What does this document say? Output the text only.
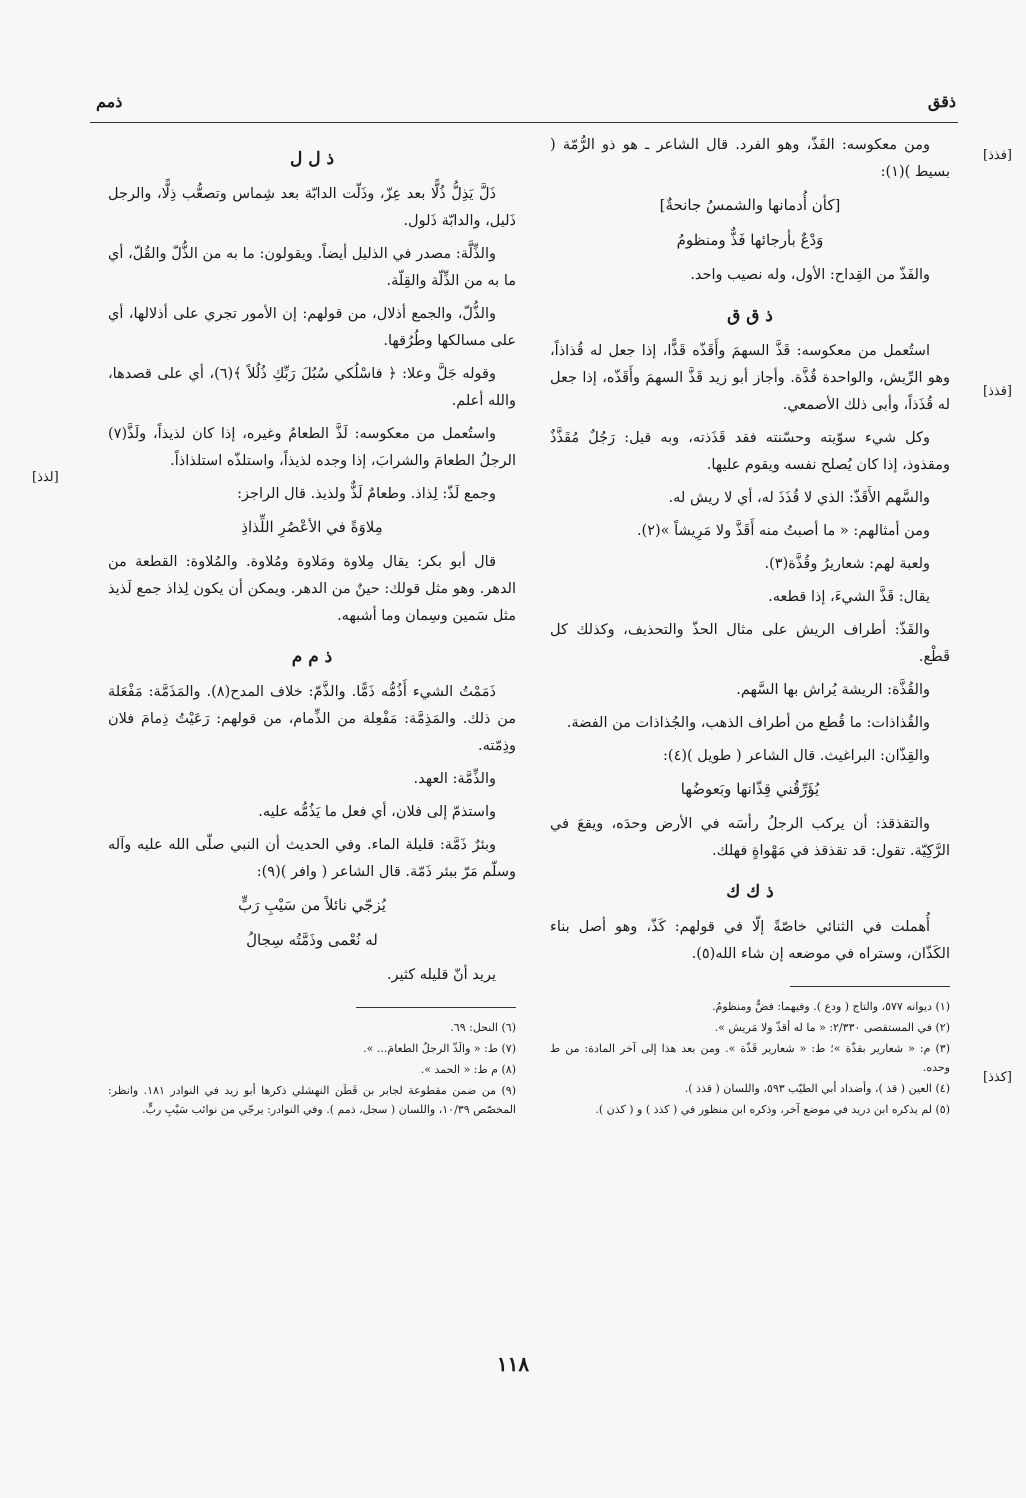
ذقق
ذمم
[فذذ]
[قذذ]
[كذذ]
[لذذ]

ومن معكوسه: الفَذّ، وهو الفرد. قال الشاعر ـ هو ذو الرُّمّة ( بسيط )(١):

[كأن أُدمانها والشمسُ جانحةٌ]

وَدْعٌ بأرجائها فَذٌّ ومنظومُ

والفَذّ من القِداح: الأول، وله نصيب واحد.

ذ ق ق

استُعمل من معكوسه: قَذَّ السهمَ وأَقَذّه قَذًّا، إذا جعل له قُذاذاً، وهو الرِّيش، والواحدة قُذَّة. وأجاز أبو زيد قَذَّ السهمَ وأَقَذّه، إذا جعل له قُذَذاً، وأبى ذلك الأصمعي.

وكل شيء سوّيته وحسّنته فقد قَذَذته، وبه قيل: رَجُلٌ مُقَذَّذٌ ومقذوذ، إذا كان يُصلح نفسه ويقوم عليها.

والسَّهم الأَقَذّ: الذي لا قُذَذَ له، أي لا ريش له.

ومن أمثالهم: « ما أصبتُ منه أَقَذَّ ولا مَرِيشاً »(٢).

ولعبة لهم: شعاريرُ وقُذَّة(٣).

يقال: قَذَّ الشيءَ، إذا قطعه.

والقَذّ: أطراف الريش على مثال الحذّ والتحذيف، وكذلك كل قَطْع.

والقُذَّة: الريشة يُراش بها السَّهم.

والقُذاذات: ما قُطع من أطراف الذهب، والجُذاذات من الفضة.

والقِذّان: البراغيث. قال الشاعر ( طويل )(٤):

يُؤَرِّقُني قِذّانها وبَعوضُها

والتقذقذ: أن يركب الرجلُ رأسَه في الأرض وحدَه، ويقعَ في الرَّكِيّة. تقول: قد تقذقذ في مَهْواةٍ فهلك.

ذ ك ك

أُهملت في الثنائي خاصّةً إلّا في قولهم: كَذّ، وهو أصل بناء الكَذّان، وستراه في موضعه إن شاء الله(٥).

(١) ديوانه ٥٧٧، والتاج ( ودع ). وفيهما: فضٌّ ومنظومُ.

(٢) في المستقصى ٢/٣٣٠: « ما له أقذّ ولا مَريش ».

(٣) م: « شعارير بقذّة »؛ ط: « شعارير قَذّة ». ومن بعد هذا إلى آخر المادة: من ط وحده.

(٤) العين ( قذ )، وأضداد أبي الطيّب ٥٩٣، واللسان ( قذذ ).

(٥) لم يذكره ابن دريد في موضع آخر، وذكره ابن منظور في ( كذذ ) و ( كذن ).

ذ ل ل

ذَلَّ يَذِلُّ ذُلًّا بعد عِزّ، وذَلّت الدابّة بعد شِماس وتصعُّب ذِلًّا، والرجل ذَليل، والدابّة ذَلول.

والذِّلَّة: مصدر في الذليل أيضاً. ويقولون: ما به من الذُّلّ والقُلّ، أي ما به من الذِّلّة والقِلّة.

والذُّلّ، والجمع أذلال، من قولهم: إن الأمور تجري على أذلالها، أي على مسالكها وطُرُقها.

وقوله جَلَّ وعلا: ﴿ فاسْلُكي سُبُلَ رَبِّكِ ذُلُلاً ﴾(٦)، أي على قصدها، والله أعلم.

واستُعمل من معكوسه: لَذَّ الطعامُ وغيره، إذا كان لذيذاً، ولَذَّ(٧) الرجلُ الطعامَ والشرابَ، إذا وجده لذيذاً، واستلذّه استلذاذاً.

وجمع لَذّ: لِذاذ. وطعامٌ لَذٌّ ولذيذ. قال الراجز:

مِلاوَةً في الأعْصُرِ اللِّذاذِ

قال أبو بكر: يقال مِلاوة ومَلاوة ومُلاوة. والمُلاوة: القطعة من الدهر. وهو مثل قولك: حينٌ من الدهر. ويمكن أن يكون لِذاذ جمع لَذيذ مثل سَمين وسِمان وما أشبهه.

ذ م م

ذَمَمْتُ الشيء أَذُمُّه ذَمًّا. والذَّمّ: خلاف المدح(٨). والمَذَمَّة: مَفْعَلة من ذلك. والمَذِمَّة: مَفْعِلة من الذِّمام، من قولهم: رَعَيْتُ ذِمامَ فلان وذِمّته.

والذِّمَّة: العهد.

واستذمّ إلى فلان، أي فعل ما يَذُمُّه عليه.

وبئرٌ ذَمَّة: قليلة الماء. وفي الحديث أن النبي صلّى الله عليه وآله وسلّم مَرّ ببئر ذَمّة. قال الشاعر ( وافر )(٩):

يُزجّي نائلاً من سَيْبِ رَبٍّ

له نُعْمى وذَمَّتُه سِجالُ

يريد أنّ قليله كثير.

(٦) النحل: ٦٩.

(٧) ط: « والَذّ الرجلُ الطعامَ... ».

(٨) م ط: « الحمد ».

(٩) من ضمن مقطوعة لجابر بن قَطَن النهشلي ذكرها أبو زيد في النوادر ١٨١. وانظر: المخصّص ١٠/٣٩، واللسان ( سجل، ذمم ). وفي النوادر: يرجّي من نوائب سَيْبِ ربٍّ.

١١٨
